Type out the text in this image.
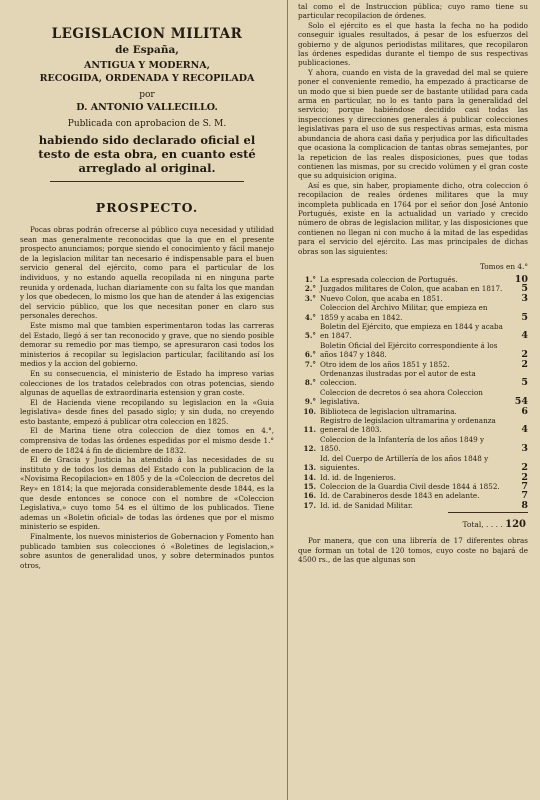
LEGISLACION MILITAR
de España,
ANTIGUA Y MODERNA,
RECOGIDA, ORDENADA Y RECOPILADA
por
D. ANTONIO VALLECILLO.
Publicada con aprobacion de S. M.
habiendo sido declarado oficial el testo de esta obra, en cuanto esté arreglado al original.
PROSPECTO.

Pocas obras podrán ofrecerse al público cuya necesidad y utilidad sean mas generalmente reconocidas que la que en el presente prospecto anunciamos; porque siendo el conocimiento y fácil manejo de la legislacion militar tan necesario é indispensable para el buen servicio general del ejército, como para el particular de los individuos, y no estando aquella recopilada ni en ninguna parte reunida y ordenada, luchan diariamente con su falta los que mandan y los que obedecen, lo mismo los que han de atender á las exigencias del servicio público, que los que necesitan poner en claro sus personales derechos.

Este mismo mal que tambien esperimentaron todas las carreras del Estado, llegó á ser tan reconocido y grave, que no siendo posible demorar su remedio por mas tiempo, se apresuraron casi todos los ministerios á recopilar su legislacion particular, facilitando así los medios y la accion del gobierno.

En su consecuencia, el ministerio de Estado ha impreso varias colecciones de los tratados celebrados con otras potencias, siendo algunas de aquellas de extraordinaria estension y gran coste.

El de Hacienda viene recopilando su legislacion en la «Guia legislativa» desde fines del pasado siglo; y sin duda, no creyendo esto bastante, empezó á publicar otra coleccion en 1825.

El de Marina tiene otra coleccion de diez tomos en 4.°, comprensiva de todas las órdenes espedidas por el mismo desde 1.° de enero de 1824 á fin de diciembre de 1832.

El de Gracia y Justicia ha atendido á las necesidades de su instituto y de todos los demas del Estado con la publicacion de la «Novísima Recopilacion» en 1805 y de la «Coleccion de decretos del Rey» en 1814; la que mejorada considerablemente desde 1844, es la que desde entonces se conoce con el nombre de «Coleccion Legislativa,» cuyo tomo 54 es el último de los publicados. Tiene ademas un «Boletin oficial» de todas las órdenes que por el mismo ministerio se espiden.

Finalmente, los nuevos ministerios de Gobernacion y Fomento han publicado tambien sus colecciones ó «Boletines de legislacion,» sobre asuntos de generalidad unos, y sobre determinados puntos otros,

tal como el de Instruccion pública; cuyo ramo tiene su particular recopilacion de órdenes.

Solo el ejército es el que hasta la fecha no ha podido conseguir iguales resultados, á pesar de los esfuerzos del gobierno y de algunos periodistas militares, que recopilaron las órdenes espedidas durante el tiempo de sus respectivas publicaciones.

Y ahora, cuando en vista de la gravedad del mal se quiere poner el conveniente remedio, ha empezado á practicarse de un modo que si bien puede ser de bastante utilidad para cada arma en particular, no lo es tanto para la generalidad del servicio; porque habiéndose decidido casi todas las inspecciones y direcciones generales á publicar colecciones legislativas para el uso de sus respectivas armas, esta misma abundancia de ahora casi daña y perjudica por las dificultades que ocasiona la complicacion de tantas obras semejantes, por la repeticion de las reales disposiciones, pues que todas contienen las mismas, por su crecido volúmen y el gran coste que su adquisicion origina.

Así es que, sin haber, propiamente dicho, otra coleccion ó recopilacion de reales órdenes militares que la muy incompleta publicada en 1764 por el señor don José Antonio Portugués, existe en la actualidad un variado y crecido número de obras de legislacion militar, y las disposiciones que contienen no llegan ni con mucho á la mitad de las espedidas para el servicio del ejército. Las mas principales de dichas obras son las siguientes:

Tomos en 4.°
1.°	La espresada coleccion de Portugués.	10
2.°	Juzgados militares de Colon, que acaban en 1817.	5
3.°	Nuevo Colon, que acaba en 1851.	3
4.°	Coleccion del Archivo Militar, que empieza en 1859 y acaba en 1842.	5
5.°	Boletin del Ejército, que empieza en 1844 y acaba en 1847.	4
6.°	Boletin Oficial del Ejército correspondiente á los años 1847 y 1848.	2
7.°	Otro idem de los años 1851 y 1852.	2
8.°	Ordenanzas ilustradas por el autor de esta coleccion.	5
9.°	Coleccion de decretos ó sea ahora Coleccion legislativa.	54
10.	Biblioteca de legislacion ultramarina.	6
11.	Registro de legislacion ultramarina y ordenanza general de 1803.	4
12.	Coleccion de la Infantería de los años 1849 y 1850.	3
13.	Id. del Cuerpo de Artillería de los años 1848 y siguientes.	2
14.	Id. id. de Ingenieros.	2
15.	Coleccion de la Guardia Civil desde 1844 á 1852.	7
16.	Id. de Carabineros desde 1843 en adelante.	7
17.	Id. id. de Sanidad Militar.	8
Total, . . . . 120

Por manera, que con una librería de 17 diferentes obras que forman un total de 120 tomos, cuyo coste no bajará de 4500 rs., de las que algunas son
